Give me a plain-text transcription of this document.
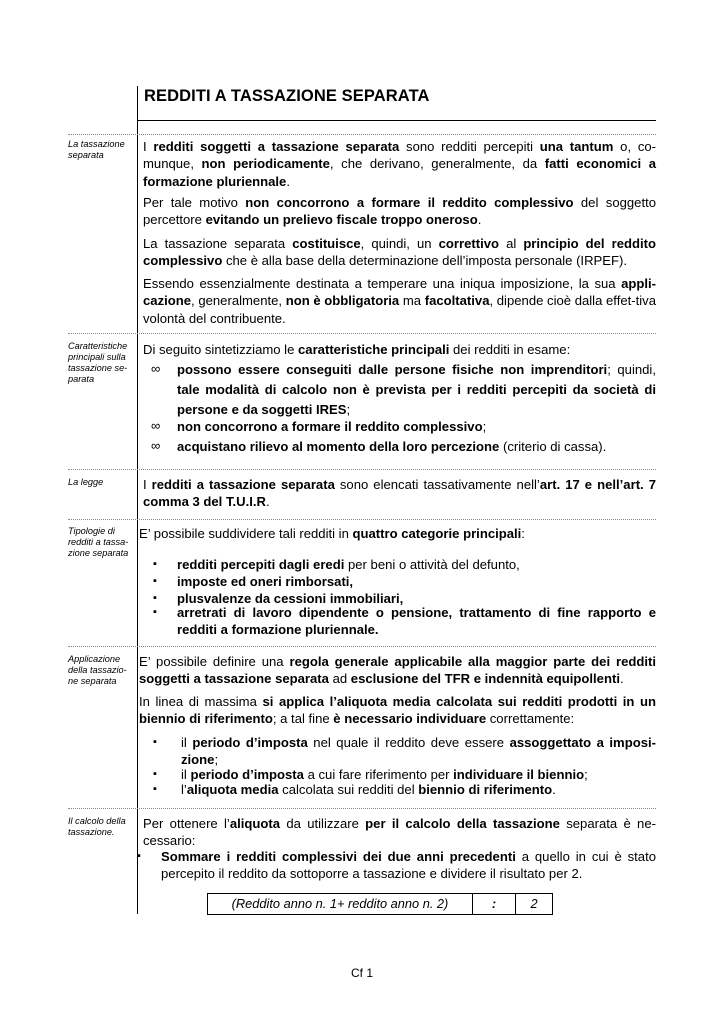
REDDITI A TASSAZIONE SEPARATA
La tassazione separata
Caratteristiche principali sulla tassazione se-parata
La legge
Tipologie di redditi a tassa-zione separata
Applicazione della tassazio-ne separata
Il calcolo della tassazione.
I redditi soggetti a tassazione separata sono redditi percepiti una tantum o, co-munque, non periodicamente, che derivano, generalmente, da fatti economici a formazione pluriennale.
Per tale motivo non concorrono a formare il reddito complessivo del soggetto percettore evitando un prelievo fiscale troppo oneroso.
La tassazione separata costituisce, quindi, un correttivo al principio del reddito complessivo che è alla base della determinazione dell’imposta personale (IRPEF).
Essendo essenzialmente destinata a temperare una iniqua imposizione, la sua appli-cazione, generalmente, non è obbligatoria ma facoltativa, dipende cioè dalla effet-tiva volontà del contribuente.
Di seguito sintetizziamo le caratteristiche principali dei redditi in esame:
∞ possono essere conseguiti dalle persone fisiche non imprenditori; quindi, tale modalità di calcolo non è prevista per i redditi percepiti da società di persone e da soggetti IRES;
∞ non concorrono a formare il reddito complessivo;
∞ acquistano rilievo al momento della loro percezione (criterio di cassa).
I redditi a tassazione separata sono elencati tassativamente nell’art. 17 e nell’art. 7 comma 3 del T.U.I.R.
E’ possibile suddividere tali redditi in quattro categorie principali:
▪ redditi percepiti dagli eredi per beni o attività del defunto,
▪ imposte ed oneri rimborsati,
▪ plusvalenze da cessioni immobiliari,
▪ arretrati di lavoro dipendente o pensione, trattamento di fine rapporto e redditi a formazione pluriennale.
E’ possibile definire una regola generale applicabile alla maggior parte dei redditi soggetti a tassazione separata ad esclusione del TFR e indennità equipollenti.
In linea di massima si applica l’aliquota media calcolata sui redditi prodotti in un biennio di riferimento; a tal fine è necessario individuare correttamente:
▪ il periodo d’imposta nel quale il reddito deve essere assoggettato a imposi-zione;
▪ il periodo d’imposta a cui fare riferimento per individuare il biennio;
▪ l’aliquota media calcolata sui redditi del biennio di riferimento.
Per ottenere l’aliquota da utilizzare per il calcolo della tassazione separata è ne-cessario:
▪ Sommare i redditi complessivi dei due anni precedenti a quello in cui è stato percepito il reddito da sottoporre a tassazione e dividere il risultato per 2.
(Reddito anno n. 1+ reddito anno n. 2)	:	2
Cf 1
